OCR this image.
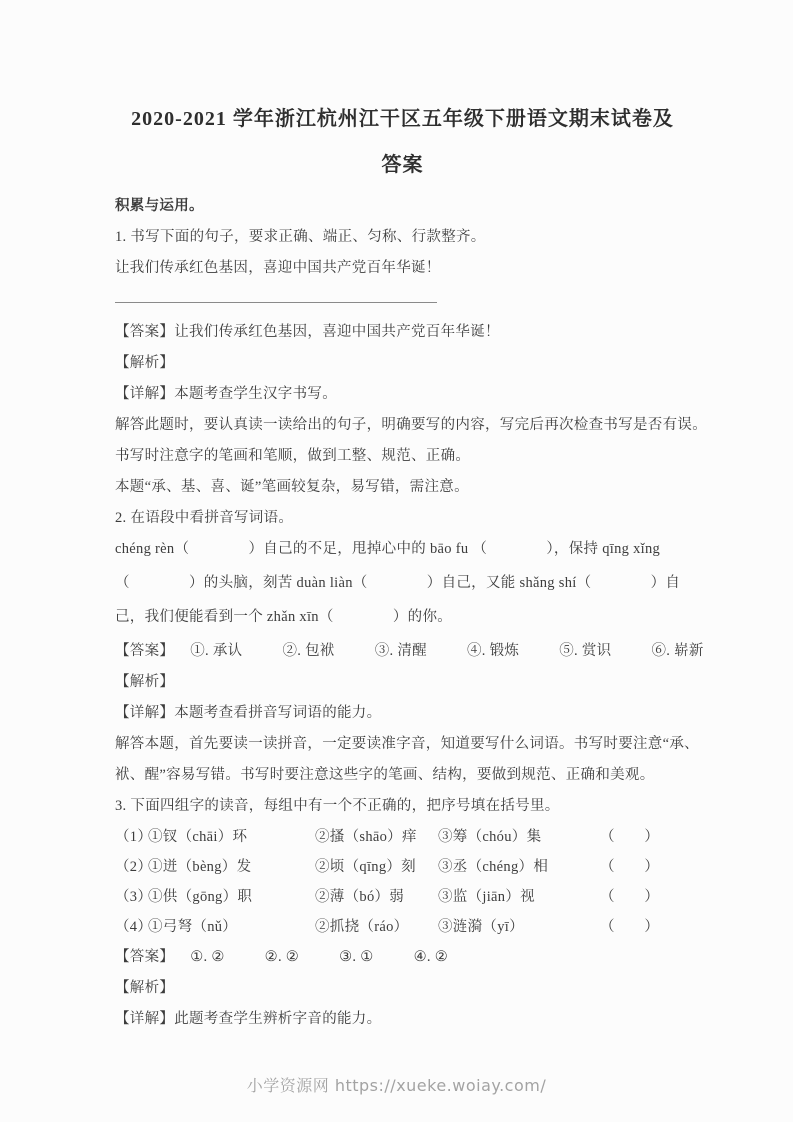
2020-2021 学年浙江杭州江干区五年级下册语文期末试卷及
答案

积累与运用。

1. 书写下面的句子，要求正确、端正、匀称、行款整齐。

让我们传承红色基因，喜迎中国共产党百年华诞！

【答案】让我们传承红色基因，喜迎中国共产党百年华诞！

【解析】

【详解】本题考查学生汉字书写。

解答此题时，要认真读一读给出的句子，明确要写的内容，写完后再次检查书写是否有误。

书写时注意字的笔画和笔顺，做到工整、规范、正确。

本题“承、基、喜、诞”笔画较复杂，易写错，需注意。

2. 在语段中看拼音写词语。

chéng rèn（　　　　）自己的不足，甩掉心中的 bāo fu （　　　　），保持 qīng xǐng

（　　　　）的头脑，刻苦 duàn liàn（　　　　）自己，又能 shǎng shí（　　　　）自

己，我们便能看到一个 zhǎn xīn（　　　　）的你。

【答案】 ①. 承认	②. 包袱	③. 清醒	④. 锻炼	⑤. 赏识	⑥. 崭新

【解析】

【详解】本题考查看拼音写词语的能力。

解答本题，首先要读一读拼音，一定要读准字音，知道要写什么词语。书写时要注意“承、

袱、醒”容易写错。书写时要注意这些字的笔画、结构，要做到规范、正确和美观。

3. 下面四组字的读音，每组中有一个不正确的，把序号填在括号里。

（1）
①钗（chāi）环	②搔（shāo）痒	③筹（chóu）集	（　　）
（2）
①迸（bèng）发	②顷（qīng）刻	③丞（chéng）相	（　　）
（3）
①供（gōng）职	②薄（bó）弱	③监（jiān）视	（　　）
（4）
①弓弩（nǔ）	②抓挠（ráo）	③涟漪（yī）	（　　）

【答案】 ①. ②	②. ②	③. ①	④. ②

【解析】

【详解】此题考查学生辨析字音的能力。

小学资源网 https://xueke.woiay.com/
